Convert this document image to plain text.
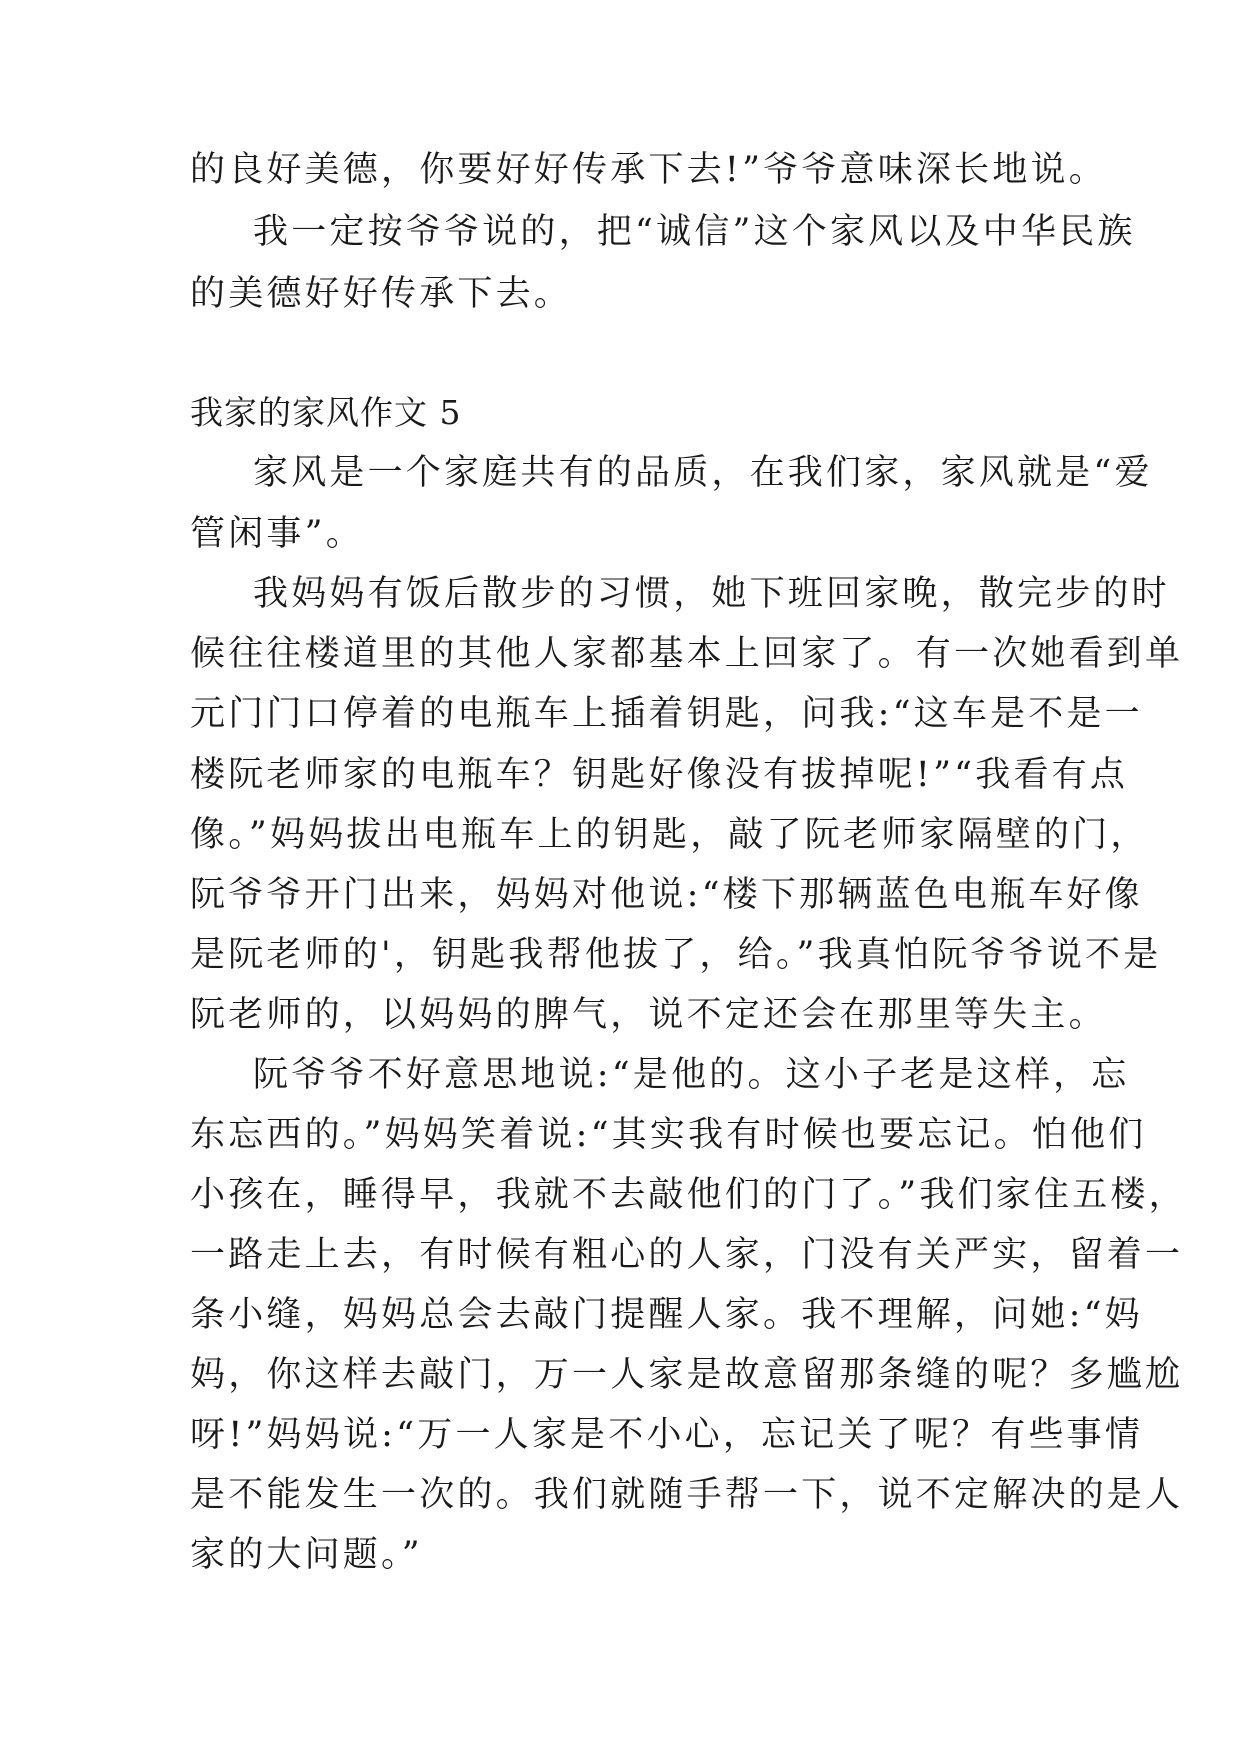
的良好美德，你要好好传承下去!”爷爷意味深长地说。
我一定按爷爷说的，把“诚信”这个家风以及中华民族
的美德好好传承下去。
我家的家风作文 5
家风是一个家庭共有的品质，在我们家，家风就是“爱
管闲事”。
我妈妈有饭后散步的习惯，她下班回家晚，散完步的时
候往往楼道里的其他人家都基本上回家了。有一次她看到单
元门门口停着的电瓶车上插着钥匙，问我:“这车是不是一
楼阮老师家的电瓶车？钥匙好像没有拔掉呢!”“我看有点
像。”妈妈拔出电瓶车上的钥匙，敲了阮老师家隔壁的门，
阮爷爷开门出来，妈妈对他说:“楼下那辆蓝色电瓶车好像
是阮老师的'，钥匙我帮他拔了，给。”我真怕阮爷爷说不是
阮老师的，以妈妈的脾气，说不定还会在那里等失主。
阮爷爷不好意思地说:“是他的。这小子老是这样，忘
东忘西的。”妈妈笑着说:“其实我有时候也要忘记。怕他们
小孩在，睡得早，我就不去敲他们的门了。”我们家住五楼，
一路走上去，有时候有粗心的人家，门没有关严实，留着一
条小缝，妈妈总会去敲门提醒人家。我不理解，问她:“妈
妈，你这样去敲门，万一人家是故意留那条缝的呢？多尴尬
呀!”妈妈说:“万一人家是不小心，忘记关了呢？有些事情
是不能发生一次的。我们就随手帮一下，说不定解决的是人
家的大问题。”
